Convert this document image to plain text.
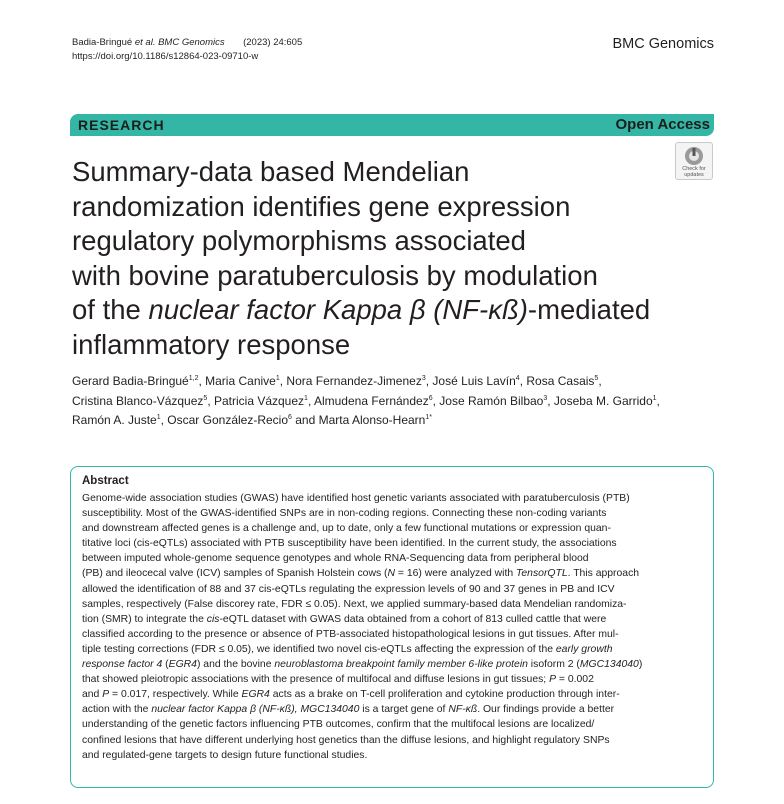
Badia-Bringué et al. BMC Genomics (2023) 24:605
https://doi.org/10.1186/s12864-023-09710-w
BMC Genomics
RESEARCH	Open Access
Check for
updates
Summary-data based Mendelian
randomization identifies gene expression
regulatory polymorphisms associated
with bovine paratuberculosis by modulation
of the nuclear factor Kappa β (NF-κß)-mediated
inflammatory response
Gerard Badia-Bringué$^{1,2}$, Maria Canive$^1$, Nora Fernandez-Jimenez$^3$, José Luis Lavín$^4$, Rosa Casais$^5$,
Cristina Blanco-Vázquez$^5$, Patricia Vázquez$^1$, Almudena Fernández$^6$, Jose Ramón Bilbao$^3$, Joseba M. Garrido$^1$,
Ramón A. Juste$^1$, Oscar González-Recio$^6$ and Marta Alonso-Hearn$^{1*}$
Abstract
Genome-wide association studies (GWAS) have identified host genetic variants associated with paratuberculosis (PTB)
susceptibility. Most of the GWAS-identified SNPs are in non-coding regions. Connecting these non-coding variants
and downstream affected genes is a challenge and, up to date, only a few functional mutations or expression quan-
titative loci (cis-eQTLs) associated with PTB susceptibility have been identified. In the current study, the associations
between imputed whole-genome sequence genotypes and whole RNA-Sequencing data from peripheral blood
(PB) and ileocecal valve (ICV) samples of Spanish Holstein cows (N = 16) were analyzed with TensorQTL. This approach
allowed the identification of 88 and 37 cis-eQTLs regulating the expression levels of 90 and 37 genes in PB and ICV
samples, respectively (False discorey rate, FDR ≤ 0.05). Next, we applied summary-based data Mendelian randomiza-
tion (SMR) to integrate the cis-eQTL dataset with GWAS data obtained from a cohort of 813 culled cattle that were
classified according to the presence or absence of PTB-associated histopathological lesions in gut tissues. After mul-
tiple testing corrections (FDR ≤ 0.05), we identified two novel cis-eQTLs affecting the expression of the early growth
response factor 4 (EGR4) and the bovine neuroblastoma breakpoint family member 6-like protein isoform 2 (MGC134040)
that showed pleiotropic associations with the presence of multifocal and diffuse lesions in gut tissues; P = 0.002
and P = 0.017, respectively. While EGR4 acts as a brake on T-cell proliferation and cytokine production through inter-
action with the nuclear factor Kappa β (NF-κß), MGC134040 is a target gene of NF-κß. Our findings provide a better
understanding of the genetic factors influencing PTB outcomes, confirm that the multifocal lesions are localized/
confined lesions that have different underlying host genetics than the diffuse lesions, and highlight regulatory SNPs
and regulated-gene targets to design future functional studies.
